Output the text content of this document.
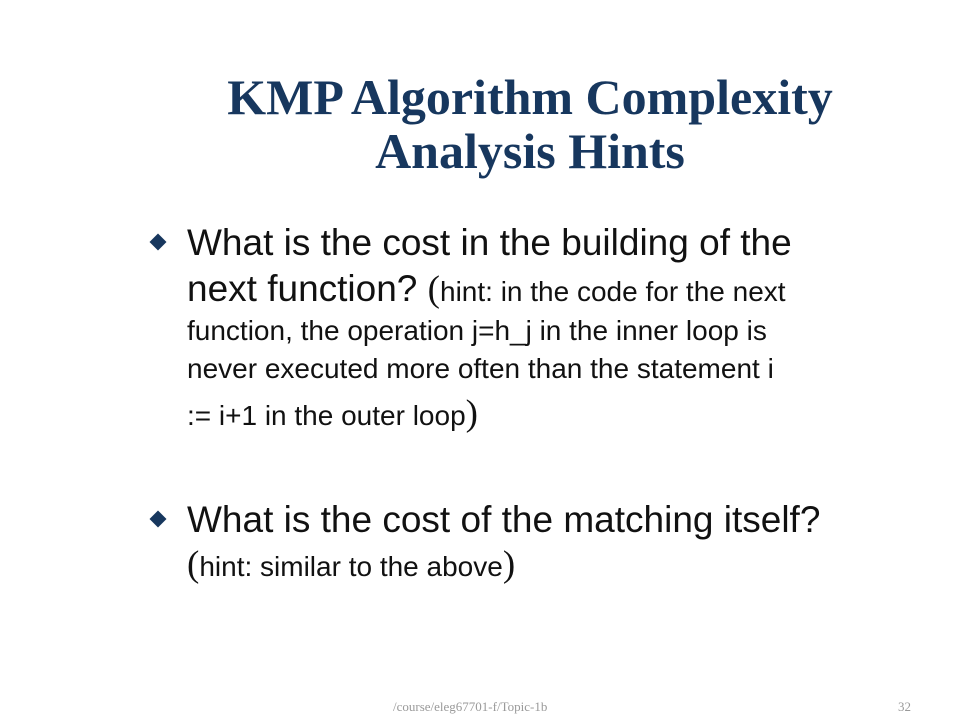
KMP Algorithm Complexity
Analysis Hints
What is the cost in the building of the
next function? (hint: in the code for the next
function, the operation j=h_j in the inner loop is
never executed more often than the statement i
:= i+1 in the outer loop)
What is the cost of the matching itself?
(hint: similar to the above)
/course/eleg67701-f/Topic-1b	32
